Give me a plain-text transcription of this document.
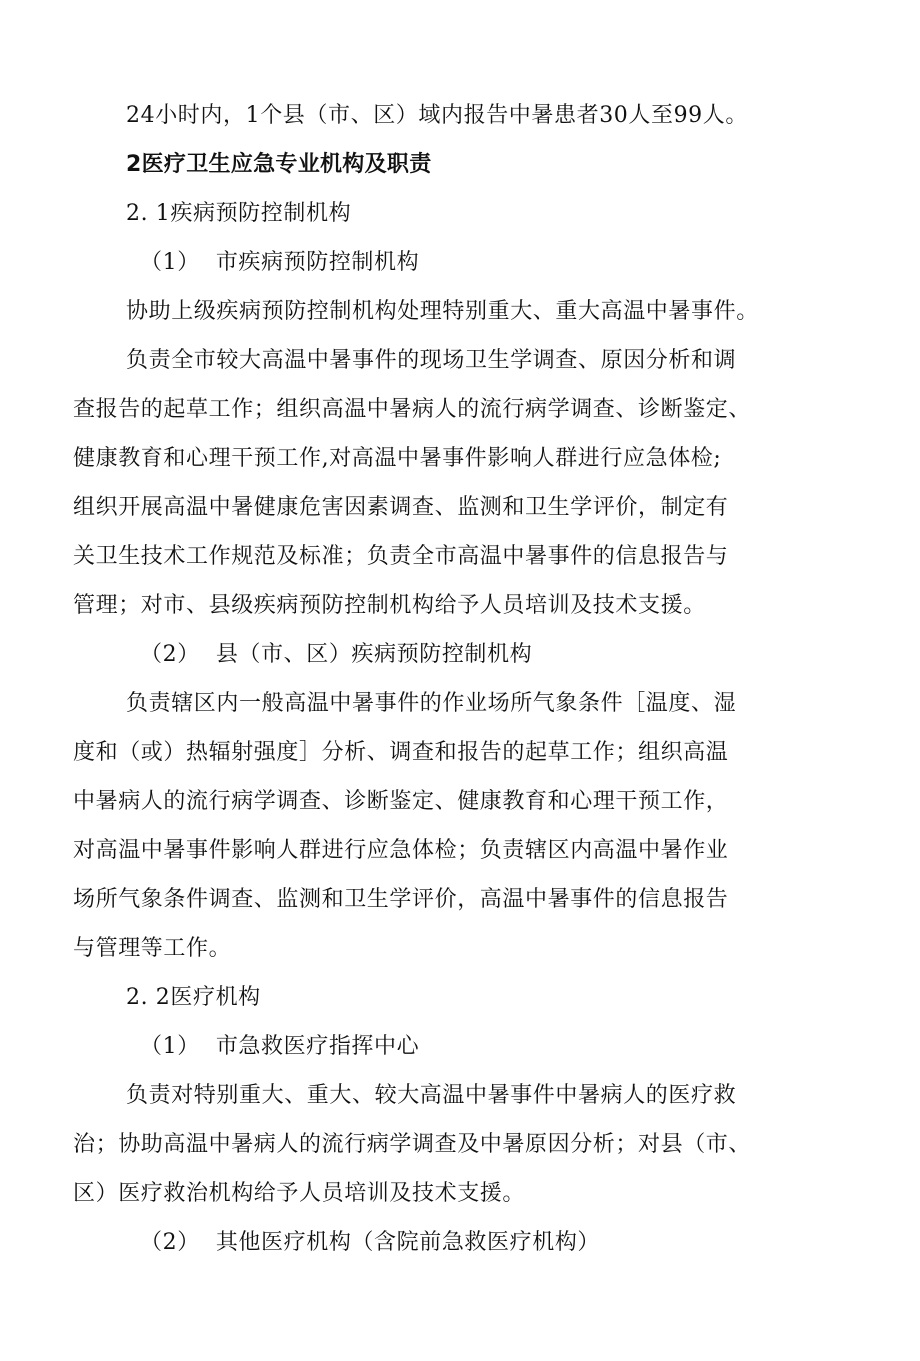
24小时内，1个县（市、区）域内报告中暑患者30人至99人。
2医疗卫生应急专业机构及职责
2. 1疾病预防控制机构
（1） 市疾病预防控制机构
协助上级疾病预防控制机构处理特别重大、重大高温中暑事件。
负责全市较大高温中暑事件的现场卫生学调查、原因分析和调
查报告的起草工作；组织高温中暑病人的流行病学调查、诊断鉴定、
健康教育和心理干预工作,对高温中暑事件影响人群进行应急体检;
组织开展高温中暑健康危害因素调查、监测和卫生学评价，制定有
关卫生技术工作规范及标准；负责全市高温中暑事件的信息报告与
管理；对市、县级疾病预防控制机构给予人员培训及技术支援。
（2） 县（市、区）疾病预防控制机构
负责辖区内一般高温中暑事件的作业场所气象条件［温度、湿
度和（或）热辐射强度］分析、调查和报告的起草工作；组织高温
中暑病人的流行病学调查、诊断鉴定、健康教育和心理干预工作，
对高温中暑事件影响人群进行应急体检；负责辖区内高温中暑作业
场所气象条件调查、监测和卫生学评价，高温中暑事件的信息报告
与管理等工作。
2. 2医疗机构
（1） 市急救医疗指挥中心
负责对特别重大、重大、较大高温中暑事件中暑病人的医疗救
治；协助高温中暑病人的流行病学调查及中暑原因分析；对县（市、
区）医疗救治机构给予人员培训及技术支援。
（2） 其他医疗机构（含院前急救医疗机构）
